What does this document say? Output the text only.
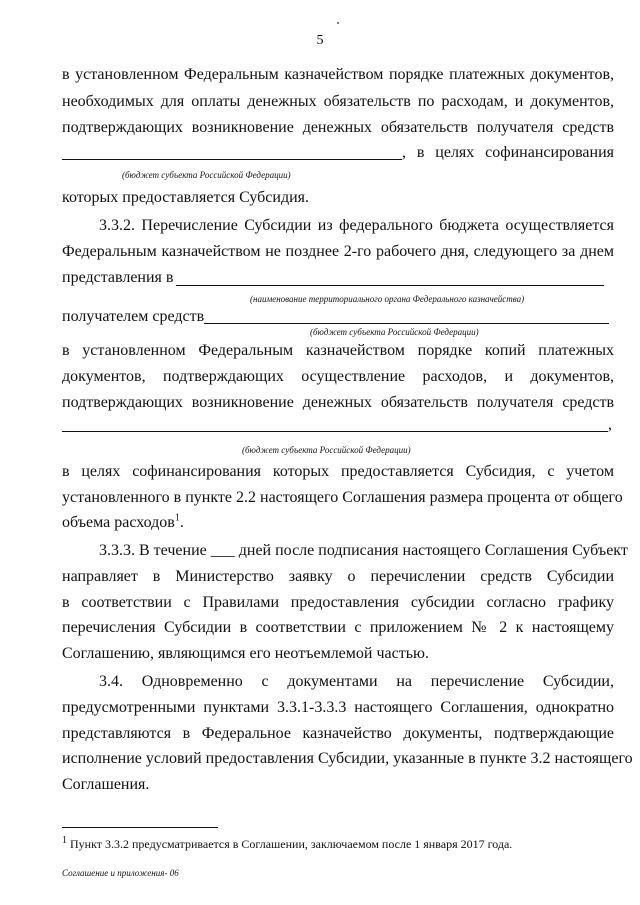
5
в установленном Федеральным казначейством порядке платежных документов,
необходимых для оплаты денежных обязательств по расходам, и документов,
подтверждающих возникновение денежных обязательств получателя средств
, в целях софинансирования
(бюджет субъекта Российской Федерации)
которых предоставляется Субсидия.
3.3.2. Перечисление Субсидии из федерального бюджета осуществляется
Федеральным казначейством не позднее 2-го рабочего дня, следующего за днем
представления в
(наименование территориального органа Федерального казначейства)
получателем средств
(бюджет субъекта Российской Федерации)
в установленном Федеральным казначейством порядке копий платежных
документов, подтверждающих осуществление расходов, и документов,
подтверждающих возникновение денежных обязательств получателя средств
,
(бюджет субъекта Российской Федерации)
в целях софинансирования которых предоставляется Субсидия, с учетом
установленного в пункте 2.2 настоящего Соглашения размера процента от общего
объема расходов$^1$.
3.3.3. В течение ___ дней после подписания настоящего Соглашения Субъект
направляет в Министерство заявку о перечислении средств Субсидии
в соответствии с Правилами предоставления субсидии согласно графику
перечисления Субсидии в соответствии с приложением № 2 к настоящему
Соглашению, являющимся его неотъемлемой частью.
3.4. Одновременно с документами на перечисление Субсидии,
предусмотренными пунктами 3.3.1-3.3.3 настоящего Соглашения, однократно
представляются в Федеральное казначейство документы, подтверждающие
исполнение условий предоставления Субсидии, указанные в пункте 3.2 настоящего
Соглашения.
$^1$ Пункт 3.3.2 предусматривается в Соглашении, заключаемом после 1 января 2017 года.
Соглашение и приложения- 06
